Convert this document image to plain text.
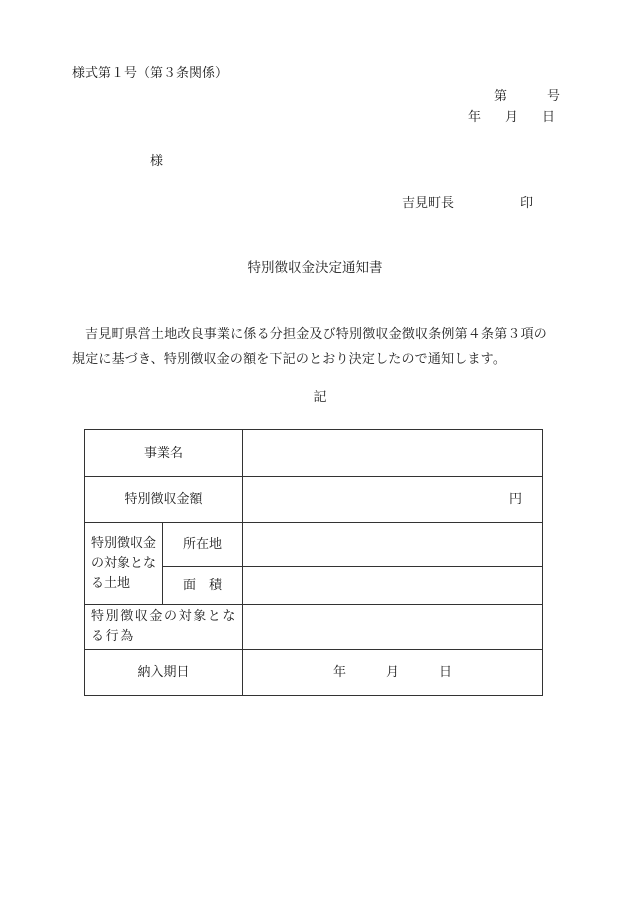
様式第１号（第３条関係）
第	号
年 月 日
様
吉見町長	印
特別徴収金決定通知書
吉見町県営土地改良事業に係る分担金及び特別徴収金徴収条例第４条第３項の規定に基づき、特別徴収金の額を下記のとおり決定したので通知します。
記
事業名		
特別徴収金額		円
特別徴収金の対象となる土地	所在地	
	面　積	
特別徴収金の対象となる行為		
納入期日		年 月 日
